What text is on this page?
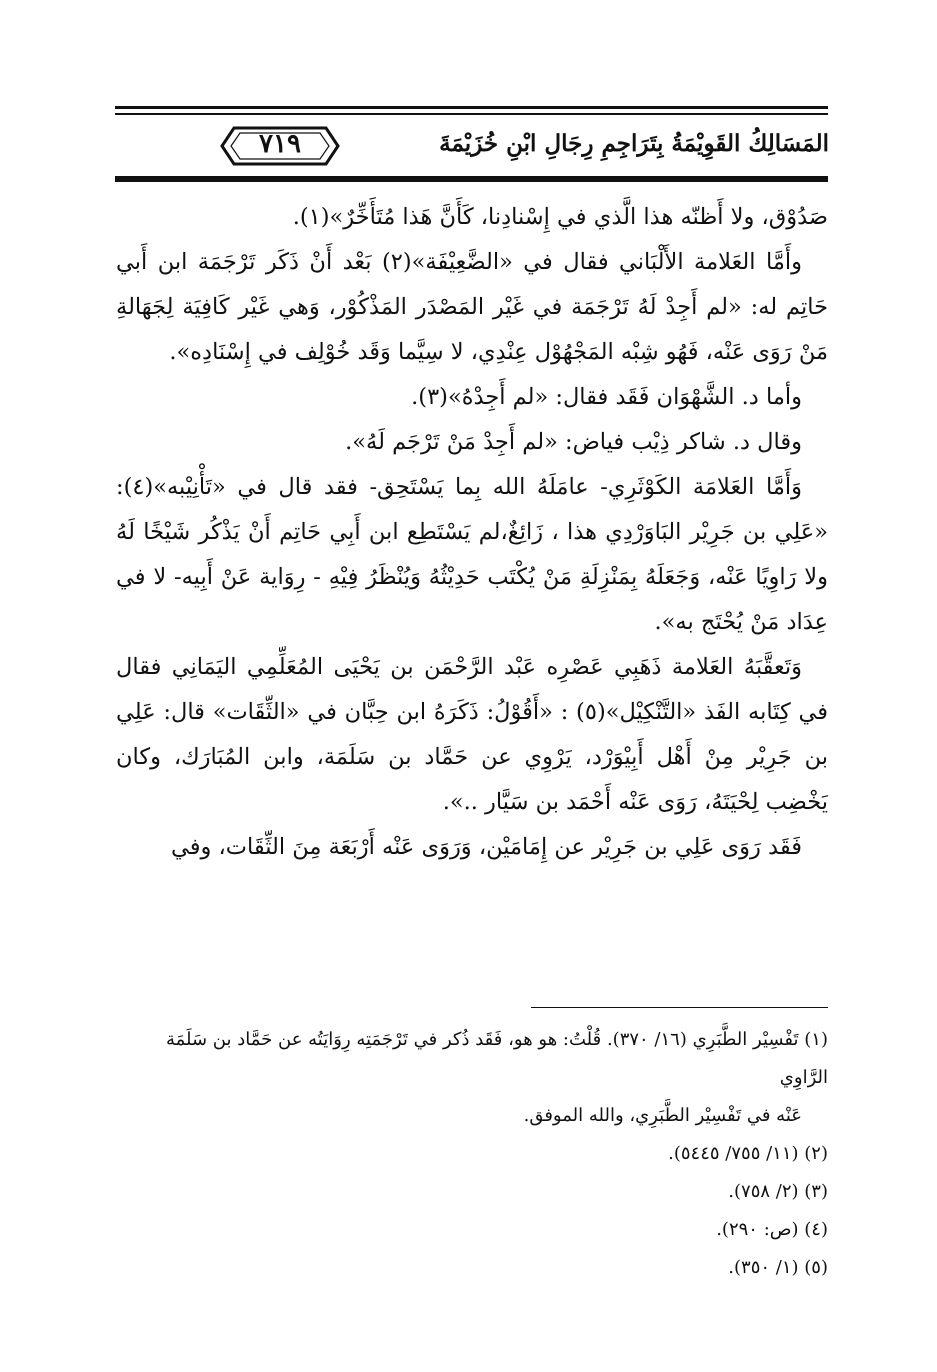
٧١٩	المَسَالِكُ القَوِيْمَةُ بِتَرَاجِمِ رِجَالِ ابْنِ خُزَيْمَةَ

صَدُوْق، ولا أَظنّه هذا الَّذي في إِسْنادِنا، كَأَنَّ هَذا مُتَأَخِّرٌ»(١).

وأَمَّا العَلامة الأَلْبَاني فقال في «الضَّعِيْفَة»(٢) بَعْد أَنْ ذَكَر تَرْجَمَة ابن أَبي حَاتِم له: «لم أَجِدْ لَهُ تَرْجَمَة في غَيْر المَصْدَر المَذْكُوْر، وَهي غَيْر كَافِيَة لِجَهَالةِ مَنْ رَوَى عَنْه، فَهُو شِبْه المَجْهُوْل عِنْدِي، لا سِيَّما وَقَد خُوْلِف في إِسْنَادِه».

وأما د. الشَّهْوَان فَقَد فقال: «لم أَجِدْهُ»(٣).

وقال د. شاكر ذِيْب فياض: «لم أَجِدْ مَنْ تَرْجَم لَهُ».

وَأَمَّا العَلامَة الكَوْثَرِي- عامَلَهُ الله بِما يَسْتَحِق- فقد قال في «تَأْنِيْبه»(٤): «عَلِي بن جَرِيْر البَاوَرْدِي هذا ، زَائِغٌ،لم يَسْتَطِع ابن أَبِي حَاتِم أَنْ يَذْكُر شَيْخًا لَهُ ولا رَاوِيًا عَنْه، وَجَعَلَهُ بِمَنْزِلَةِ مَنْ يُكْتَب حَدِيْثُهُ وَيُنْظَرُ فِيْهِ - رِوَاية عَنْ أَبِيه- لا في عِدَاد مَنْ يُحْتَج به».

وَتَعقَّبَهُ العَلامة ذَهَبِي عَصْرِه عَبْد الرَّحْمَن بن يَحْيَى المُعَلِّمِي اليَمَانِي فقال في كِتَابه الفَذ «التَّنْكِيْل»(٥) : «أَقُوْلُ: ذَكَرَهُ ابن حِبَّان في «الثِّقَات» قال: عَلِي بن جَرِيْر مِنْ أَهْل أَبِيْوَرْد، يَرْوِي عن حَمَّاد بن سَلَمَة، وابن المُبَارَك، وكان يَخْضِب لِحْيَتَهُ، رَوَى عَنْه أَحْمَد بن سَيَّار ..».

فَقَد رَوَى عَلِي بن جَرِيْر عن إِمَامَيْن، وَرَوَى عَنْه أَرْبَعَة مِنَ الثِّقَات، وفي

(١) تَفْسِيْر الطَّبَرِي (١٦/ ٣٧٠). قُلْتُ: هو هو، فَقَد ذُكر في تَرْجَمَتِه رِوَايَتُه عن حَمَّاد بن سَلَمَة الرَّاوِي

عَنْه في تَفْسِيْر الطَّبَرِي، والله الموفق.

(٢) (١١/ ٧٥٥/ ٥٤٤٥).

(٣) (٢/ ٧٥٨).

(٤) (ص: ٢٩٠).

(٥) (١/ ٣٥٠).
